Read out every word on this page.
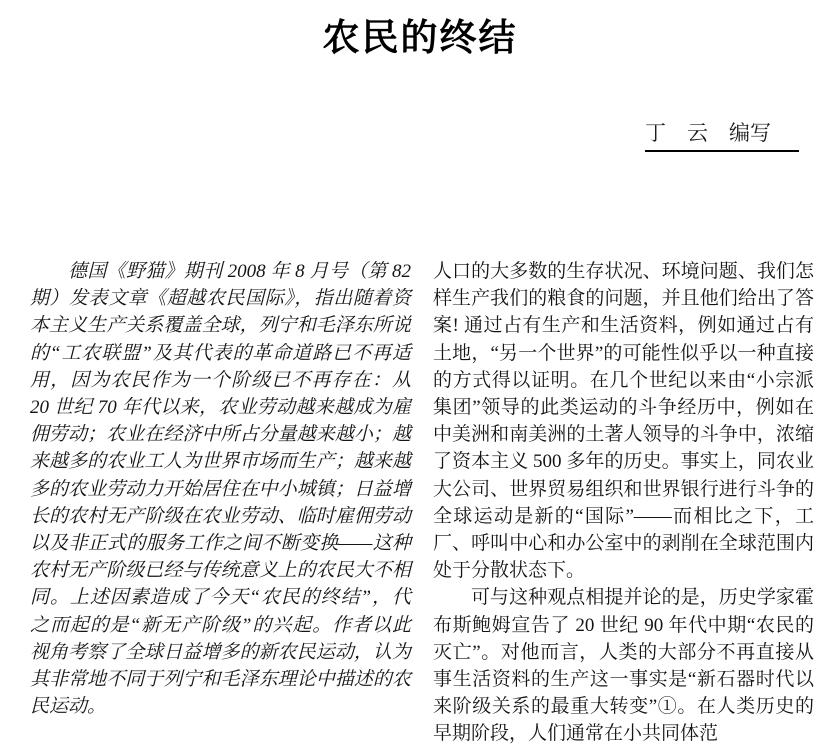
农民的终结
丁　云　编写

德国《野猫》期刊 2008 年 8 月号（第 82 期）发表文章《超越农民国际》，指出随着资本主义生产关系覆盖全球，列宁和毛泽东所说的“工农联盟”及其代表的革命道路已不再适用，因为农民作为一个阶级已不再存在：从 20 世纪 70 年代以来，农业劳动越来越成为雇佣劳动；农业在经济中所占分量越来越小；越来越多的农业工人为世界市场而生产；越来越多的农业劳动力开始居住在中小城镇；日益增长的农村无产阶级在农业劳动、临时雇佣劳动以及非正式的服务工作之间不断变换——这种农村无产阶级已经与传统意义上的农民大不相同。上述因素造成了今天“农民的终结”，代之而起的是“新无产阶级”的兴起。作者以此视角考察了全球日益增多的新农民运动，认为其非常地不同于列宁和毛泽东理论中描述的农民运动。

人口的大多数的生存状况、环境问题、我们怎样生产我们的粮食的问题，并且他们给出了答案! 通过占有生产和生活资料，例如通过占有土地，“另一个世界”的可能性似乎以一种直接的方式得以证明。在几个世纪以来由“小宗派集团”领导的此类运动的斗争经历中，例如在中美洲和南美洲的土著人领导的斗争中，浓缩了资本主义 500 多年的历史。事实上，同农业大公司、世界贸易组织和世界银行进行斗争的全球运动是新的“国际”——而相比之下，工厂、呼叫中心和办公室中的剥削在全球范围内处于分散状态下。

可与这种观点相提并论的是，历史学家霍布斯鲍姆宣告了 20 世纪 90 年代中期“农民的灭亡”。对他而言，人类的大部分不再直接从事生活资料的生产这一事实是“新石器时代以来阶级关系的最重大转变”①。在人类历史的早期阶段，人们通常在小共同体范
